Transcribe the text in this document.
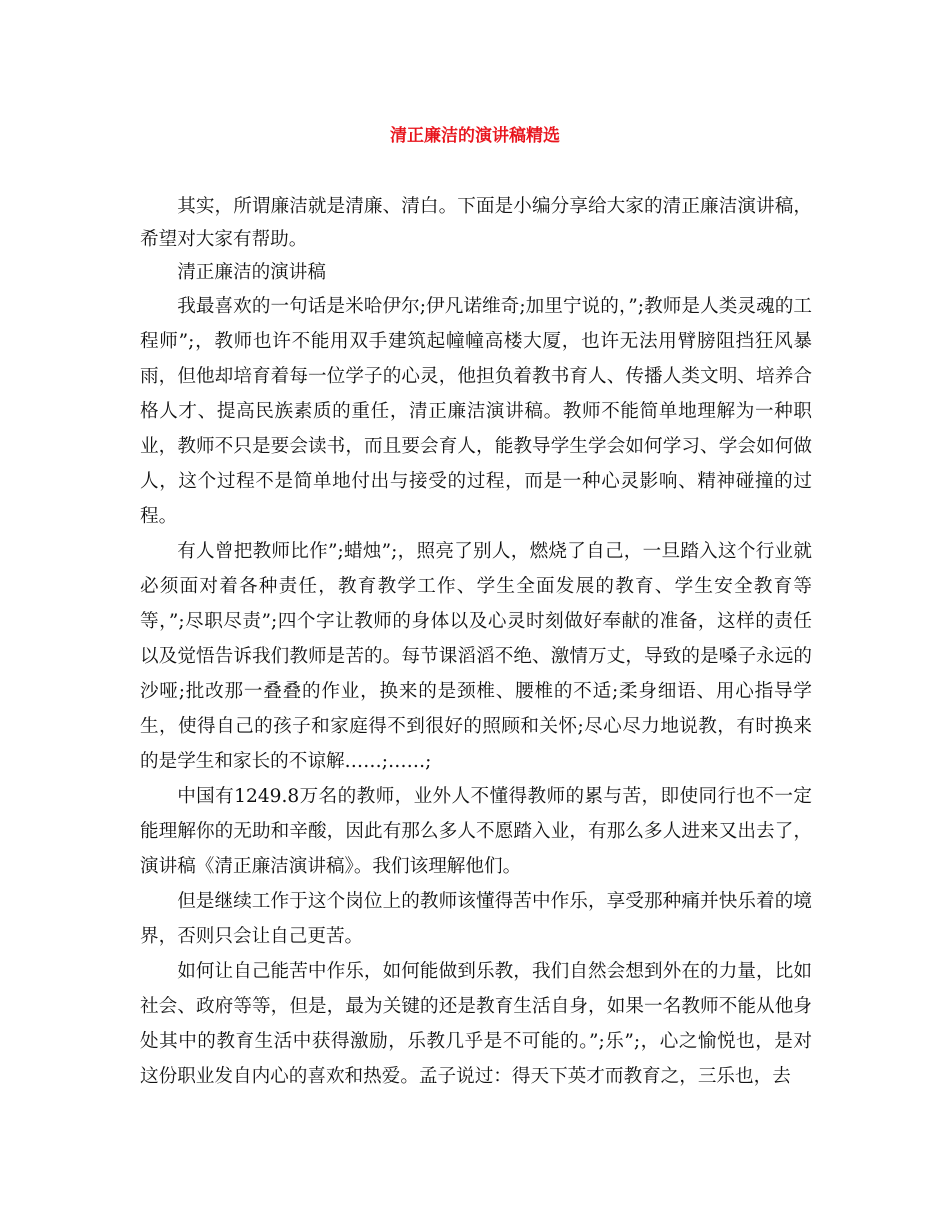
清正廉洁的演讲稿精选

其实，所谓廉洁就是清廉、清白。下面是小编分享给大家的清正廉洁演讲稿，希望对大家有帮助。

清正廉洁的演讲稿

我最喜欢的一句话是米哈伊尔;伊凡诺维奇;加里宁说的，”;教师是人类灵魂的工程师”;，教师也许不能用双手建筑起幢幢高楼大厦，也许无法用臂膀阻挡狂风暴雨，但他却培育着每一位学子的心灵，他担负着教书育人、传播人类文明、培养合格人才、提高民族素质的重任，清正廉洁演讲稿。教师不能简单地理解为一种职业，教师不只是要会读书，而且要会育人，能教导学生学会如何学习、学会如何做人，这个过程不是简单地付出与接受的过程，而是一种心灵影响、精神碰撞的过程。

有人曾把教师比作”;蜡烛”;，照亮了别人，燃烧了自己，一旦踏入这个行业就必须面对着各种责任，教育教学工作、学生全面发展的教育、学生安全教育等等，”;尽职尽责”;四个字让教师的身体以及心灵时刻做好奉献的准备，这样的责任以及觉悟告诉我们教师是苦的。每节课滔滔不绝、激情万丈，导致的是嗓子永远的沙哑;批改那一叠叠的作业，换来的是颈椎、腰椎的不适;柔身细语、用心指导学生，使得自己的孩子和家庭得不到很好的照顾和关怀;尽心尽力地说教，有时换来的是学生和家长的不谅解……;……;

中国有1249.8万名的教师，业外人不懂得教师的累与苦，即使同行也不一定能理解你的无助和辛酸，因此有那么多人不愿踏入业，有那么多人进来又出去了，演讲稿《清正廉洁演讲稿》。我们该理解他们。

但是继续工作于这个岗位上的教师该懂得苦中作乐，享受那种痛并快乐着的境界，否则只会让自己更苦。

如何让自己能苦中作乐，如何能做到乐教，我们自然会想到外在的力量，比如社会、政府等等，但是，最为关键的还是教育生活自身，如果一名教师不能从他身处其中的教育生活中获得激励，乐教几乎是不可能的。”;乐”;，心之愉悦也，是对这份职业发自内心的喜欢和热爱。孟子说过：得天下英才而教育之，三乐也，去
